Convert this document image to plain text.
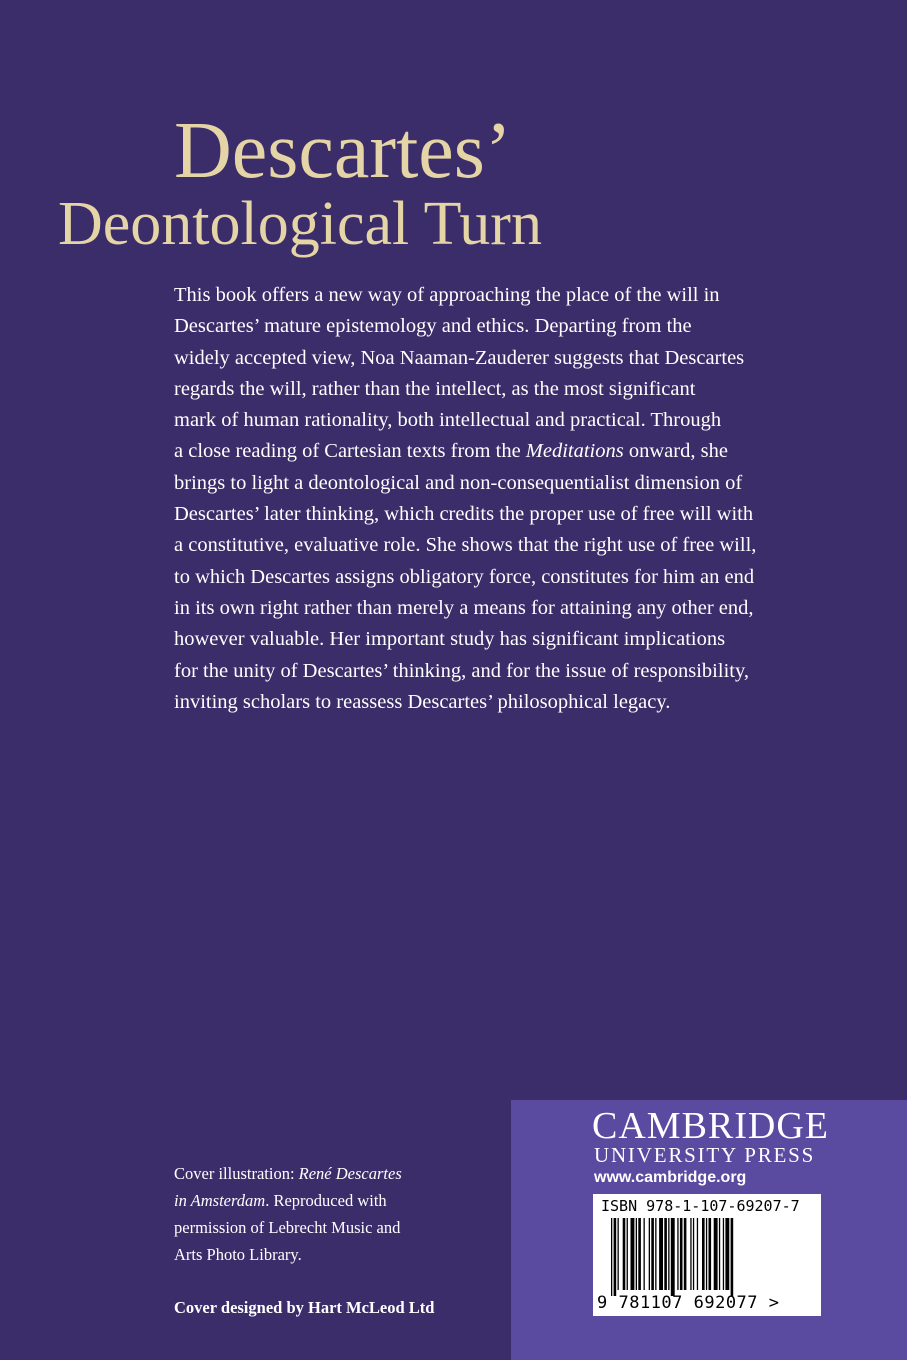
Descartes’
Deontological Turn

This book offers a new way of approaching the place of the will in

Descartes’ mature epistemology and ethics. Departing from the

widely accepted view, Noa Naaman-Zauderer suggests that Descartes

regards the will, rather than the intellect, as the most significant

mark of human rationality, both intellectual and practical. Through

a close reading of Cartesian texts from the Meditations onward, she

brings to light a deontological and non-consequentialist dimension of

Descartes’ later thinking, which credits the proper use of free will with

a constitutive, evaluative role. She shows that the right use of free will,

to which Descartes assigns obligatory force, constitutes for him an end

in its own right rather than merely a means for attaining any other end,

however valuable. Her important study has significant implications

for the unity of Descartes’ thinking, and for the issue of responsibility,

inviting scholars to reassess Descartes’ philosophical legacy.

Cover illustration: René Descartes

in Amsterdam. Reproduced with

permission of Lebrecht Music and

Arts Photo Library.

Cover designed by Hart McLeod Ltd
CAMBRIDGE
UNIVERSITY PRESS
www.cambridge.org
ISBN 978-1-107-69207-7
9 781107 692077 >
